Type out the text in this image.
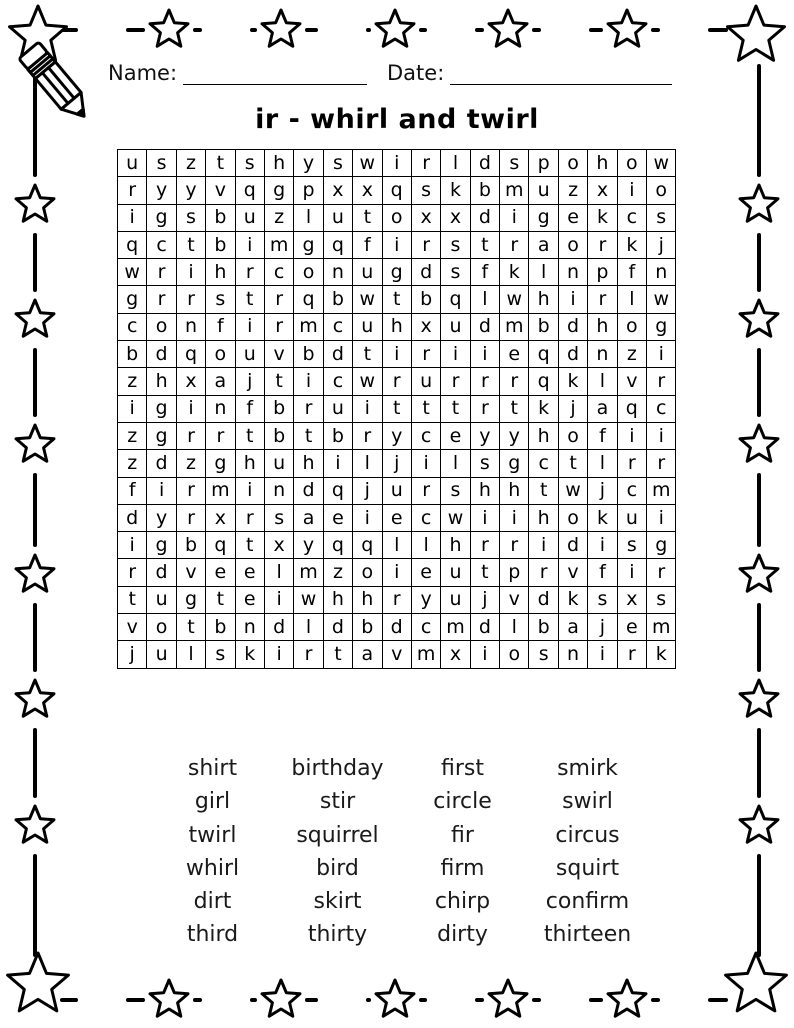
Name:	Date:
ir - whirl and twirl
u	s	z	t	s	h	y	s	w	i	r	l	d	s	p	o	h	o	w
r	y	y	v	q	g	p	x	x	q	s	k	b	m	u	z	x	i	o
i	g	s	b	u	z	l	u	t	o	x	x	d	i	g	e	k	c	s
q	c	t	b	i	m	g	q	f	i	r	s	t	r	a	o	r	k	j
w	r	i	h	r	c	o	n	u	g	d	s	f	k	l	n	p	f	n
g	r	r	s	t	r	q	b	w	t	b	q	l	w	h	i	r	l	w
c	o	n	f	i	r	m	c	u	h	x	u	d	m	b	d	h	o	g
b	d	q	o	u	v	b	d	t	i	r	i	i	e	q	d	n	z	i
z	h	x	a	j	t	i	c	w	r	u	r	r	r	q	k	l	v	r
i	g	i	n	f	b	r	u	i	t	t	t	r	t	k	j	a	q	c
z	g	r	r	t	b	t	b	r	y	c	e	y	y	h	o	f	i	i
z	d	z	g	h	u	h	i	l	j	i	l	s	g	c	t	l	r	r
f	i	r	m	i	n	d	q	j	u	r	s	h	h	t	w	j	c	m
d	y	r	x	r	s	a	e	i	e	c	w	i	i	h	o	k	u	i
i	g	b	q	t	x	y	q	q	l	l	h	r	r	i	d	i	s	g
r	d	v	e	e	l	m	z	o	i	e	u	t	p	r	v	f	i	r
t	u	g	t	e	i	w	h	h	r	y	u	j	v	d	k	s	x	s
v	o	t	b	n	d	l	d	b	d	c	m	d	l	b	a	j	e	m
j	u	l	s	k	i	r	t	a	v	m	x	i	o	s	n	i	r	k
shirt	birthday	first	smirk
girl	stir	circle	swirl
twirl	squirrel	fir	circus
whirl	bird	firm	squirt
dirt	skirt	chirp	confirm
third	thirty	dirty	thirteen
